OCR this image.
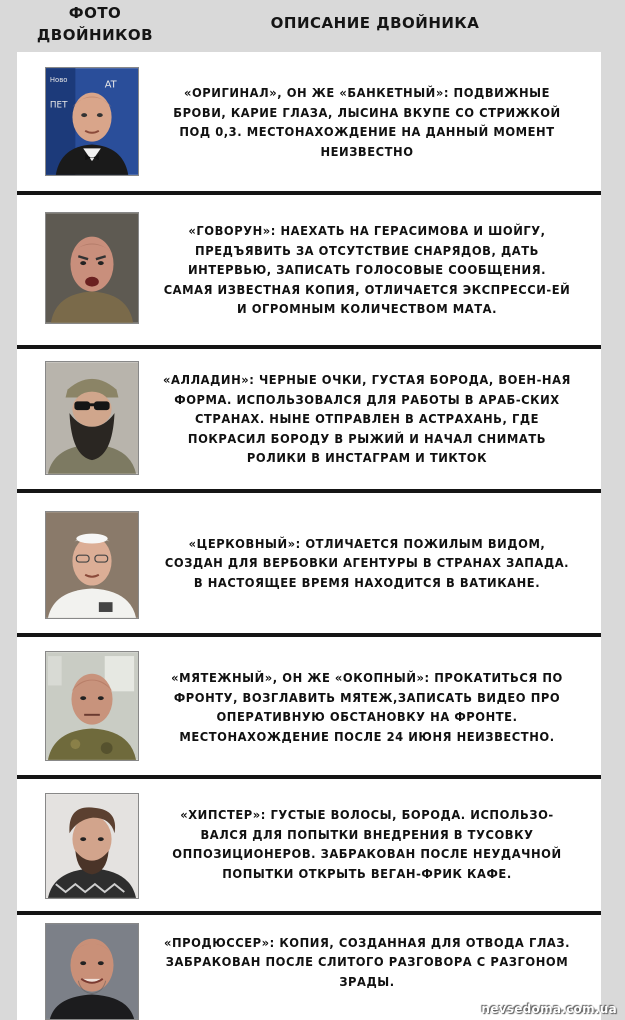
ФОТО ДВОЙНИКОВ
ОПИСАНИЕ ДВОЙНИКА
Ново
ПЕТ
AT	«ОРИГИНАЛ», ОН ЖЕ «БАНКЕТНЫЙ»: ПОДВИЖНЫЕ БРОВИ, КАРИЕ ГЛАЗА, ЛЫСИНА ВКУПЕ СО СТРИЖКОЙ ПОД 0,3. МЕСТОНАХОЖДЕНИЕ НА ДАННЫЙ МОМЕНТ НЕИЗВЕСТНО
«ГОВОРУН»: НАЕХАТЬ НА ГЕРАСИМОВА И ШОЙГУ, ПРЕДЪЯВИТЬ ЗА ОТСУТСТВИЕ СНАРЯДОВ, ДАТЬ ИНТЕРВЬЮ, ЗАПИСАТЬ ГОЛОСОВЫЕ СООБЩЕНИЯ. САМАЯ ИЗВЕСТНАЯ КОПИЯ, ОТЛИЧАЕТСЯ ЭКСПРЕССИ-ЕЙ И ОГРОМНЫМ КОЛИЧЕСТВОМ МАТА.
«АЛЛАДИН»: ЧЕРНЫЕ ОЧКИ, ГУСТАЯ БОРОДА, ВОЕН-НАЯ ФОРМА. ИСПОЛЬЗОВАЛСЯ ДЛЯ РАБОТЫ В АРАБ-СКИХ СТРАНАХ. НЫНЕ ОТПРАВЛЕН В АСТРАХАНЬ, ГДЕ ПОКРАСИЛ БОРОДУ В РЫЖИЙ И НАЧАЛ СНИМАТЬ РОЛИКИ В ИНСТАГРАМ И ТИКТОК
«ЦЕРКОВНЫЙ»: ОТЛИЧАЕТСЯ ПОЖИЛЫМ ВИДОМ, СОЗДАН ДЛЯ ВЕРБОВКИ АГЕНТУРЫ В СТРАНАХ ЗАПАДА. В НАСТОЯЩЕЕ ВРЕМЯ НАХОДИТСЯ В ВАТИКАНЕ.
«МЯТЕЖНЫЙ», ОН ЖЕ «ОКОПНЫЙ»: ПРОКАТИТЬСЯ ПО ФРОНТУ, ВОЗГЛАВИТЬ МЯТЕЖ,ЗАПИСАТЬ ВИДЕО ПРО ОПЕРАТИВНУЮ ОБСТАНОВКУ НА ФРОНТЕ. МЕСТОНАХОЖДЕНИЕ ПОСЛЕ 24 ИЮНЯ НЕИЗВЕСТНО.
«ХИПСТЕР»: ГУСТЫЕ ВОЛОСЫ, БОРОДА. ИСПОЛЬЗО-ВАЛСЯ ДЛЯ ПОПЫТКИ ВНЕДРЕНИЯ В ТУСОВКУ ОППОЗИЦИОНЕРОВ. ЗАБРАКОВАН ПОСЛЕ НЕУДАЧНОЙ ПОПЫТКИ ОТКРЫТЬ ВЕГАН-ФРИК КАФЕ.
«ПРОДЮССЕР»: КОПИЯ, СОЗДАННАЯ ДЛЯ ОТВОДА ГЛАЗ. ЗАБРАКОВАН ПОСЛЕ СЛИТОГО РАЗГОВОРА С РАЗГОНОМ ЗРАДЫ.
nevsedoma.com.ua
